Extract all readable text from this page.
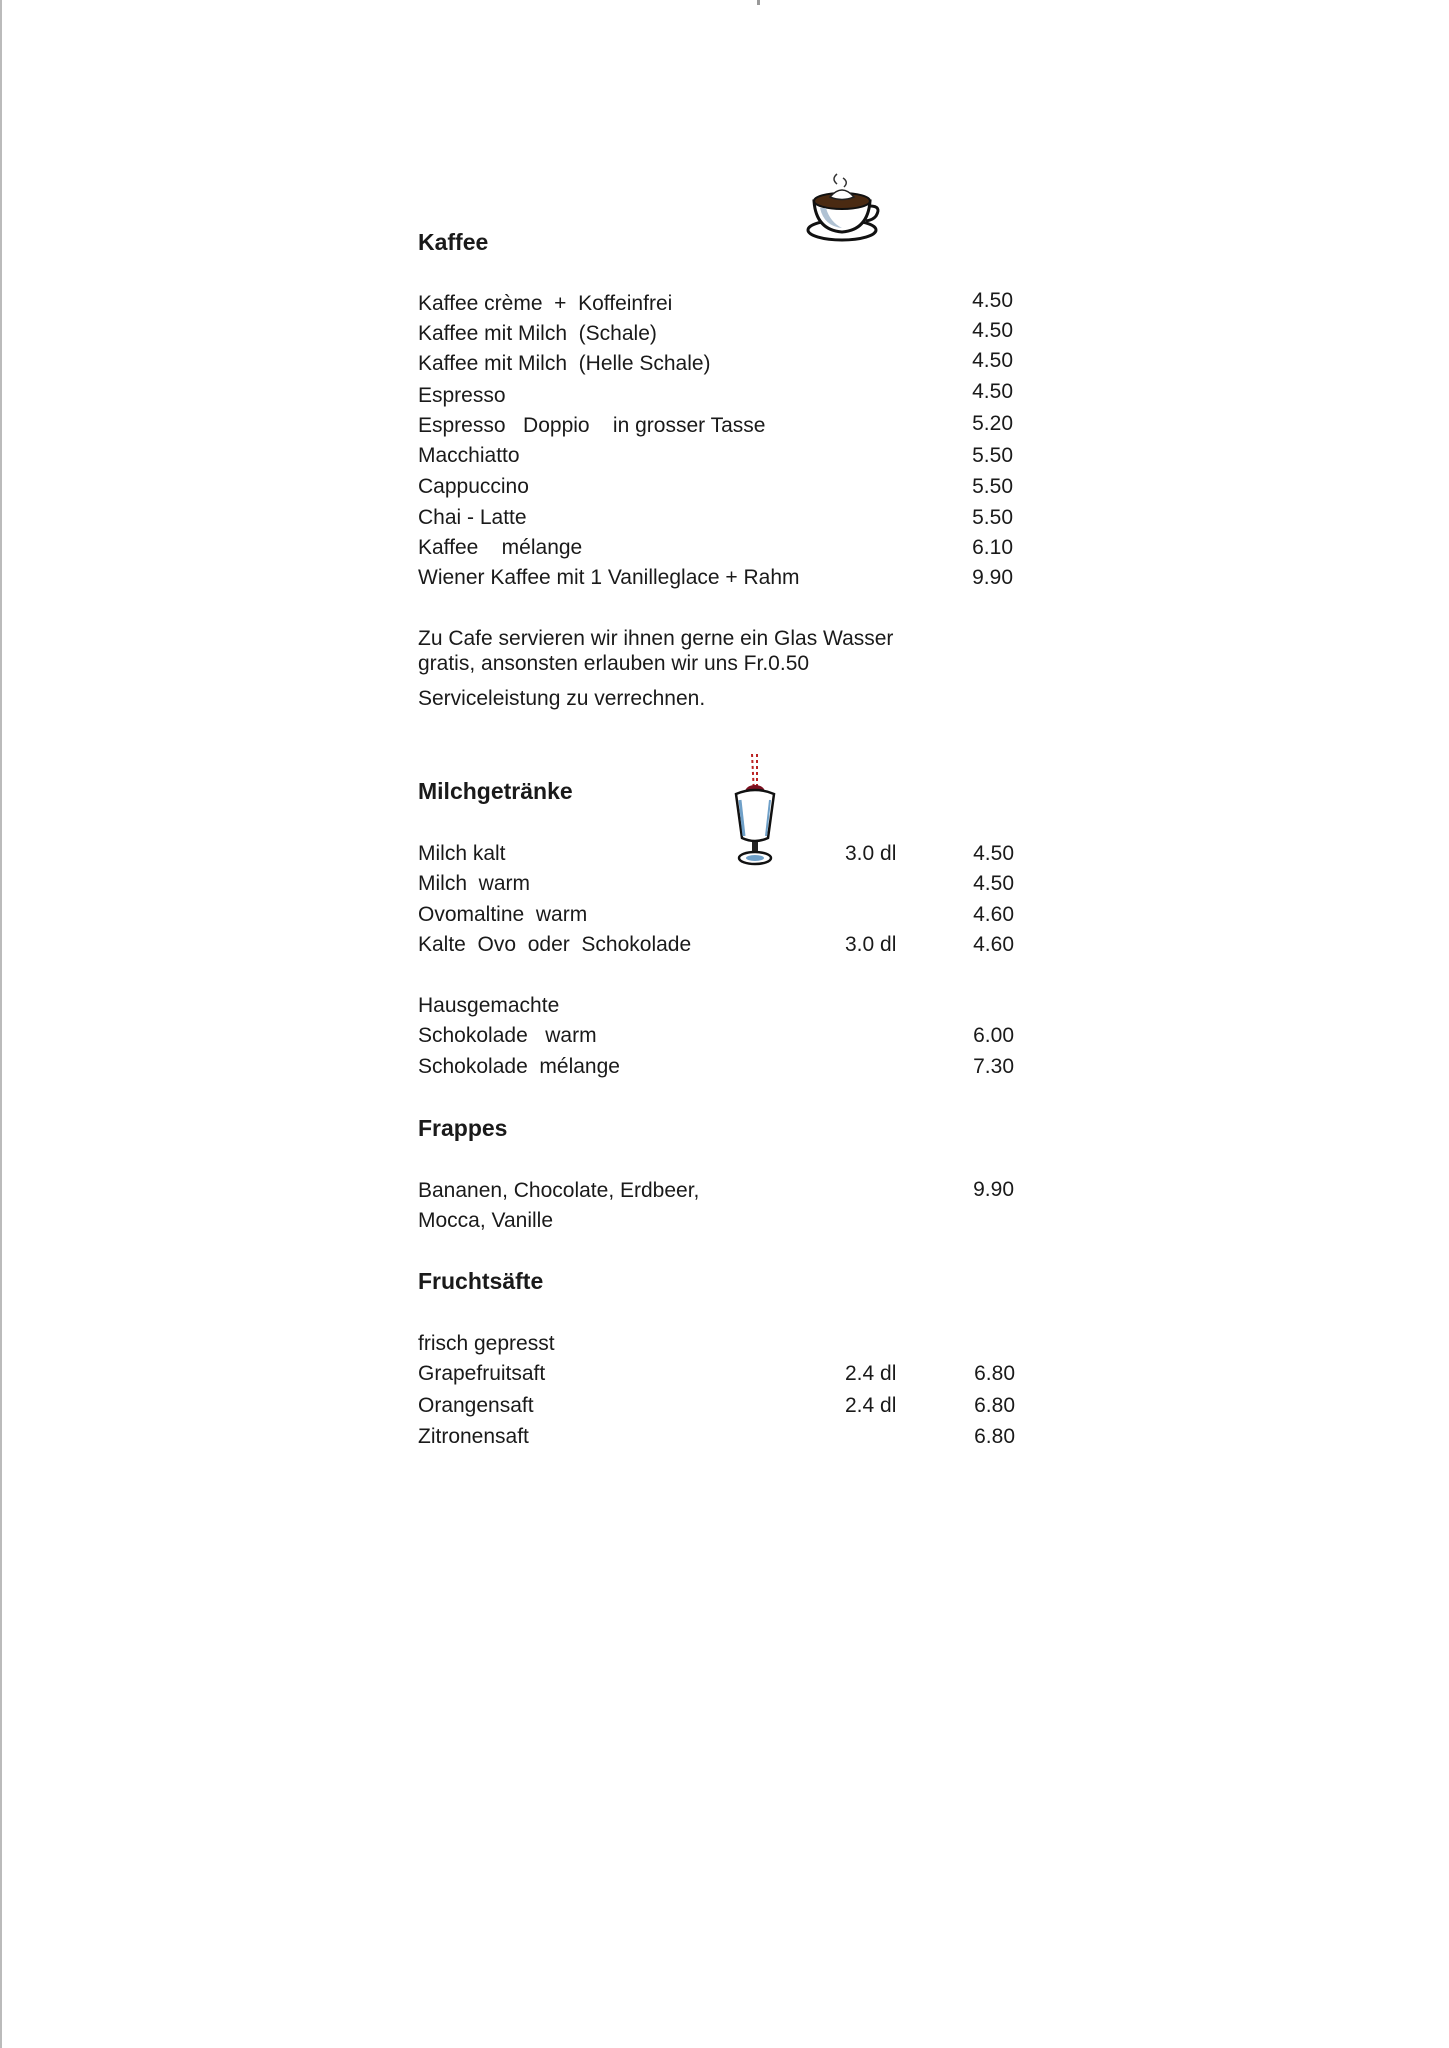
Kaffee
Kaffee crème  +  Koffeinfrei	4.50
Kaffee mit Milch  (Schale)	4.50
Kaffee mit Milch  (Helle Schale)	4.50
Espresso	4.50
Espresso   Doppio    in grosser Tasse	5.20
Macchiatto	5.50
Cappuccino	5.50
Chai - Latte	5.50
Kaffee    mélange	6.10
Wiener Kaffee mit 1 Vanilleglace + Rahm	9.90
Zu Cafe servieren wir ihnen gerne ein Glas Wasser
gratis, ansonsten erlauben wir uns Fr.0.50
Serviceleistung zu verrechnen.
Milchgetränke
Milch kalt	3.0 dl	4.50
Milch  warm	4.50
Ovomaltine  warm	4.60
Kalte  Ovo  oder  Schokolade	3.0 dl	4.60
Hausgemachte
Schokolade   warm	6.00
Schokolade  mélange	7.30
Frappes
Bananen, Chocolate, Erdbeer,	9.90
Mocca, Vanille
Fruchtsäfte
frisch gepresst
Grapefruitsaft	2.4 dl	6.80
Orangensaft	2.4 dl	6.80
Zitronensaft	6.80
